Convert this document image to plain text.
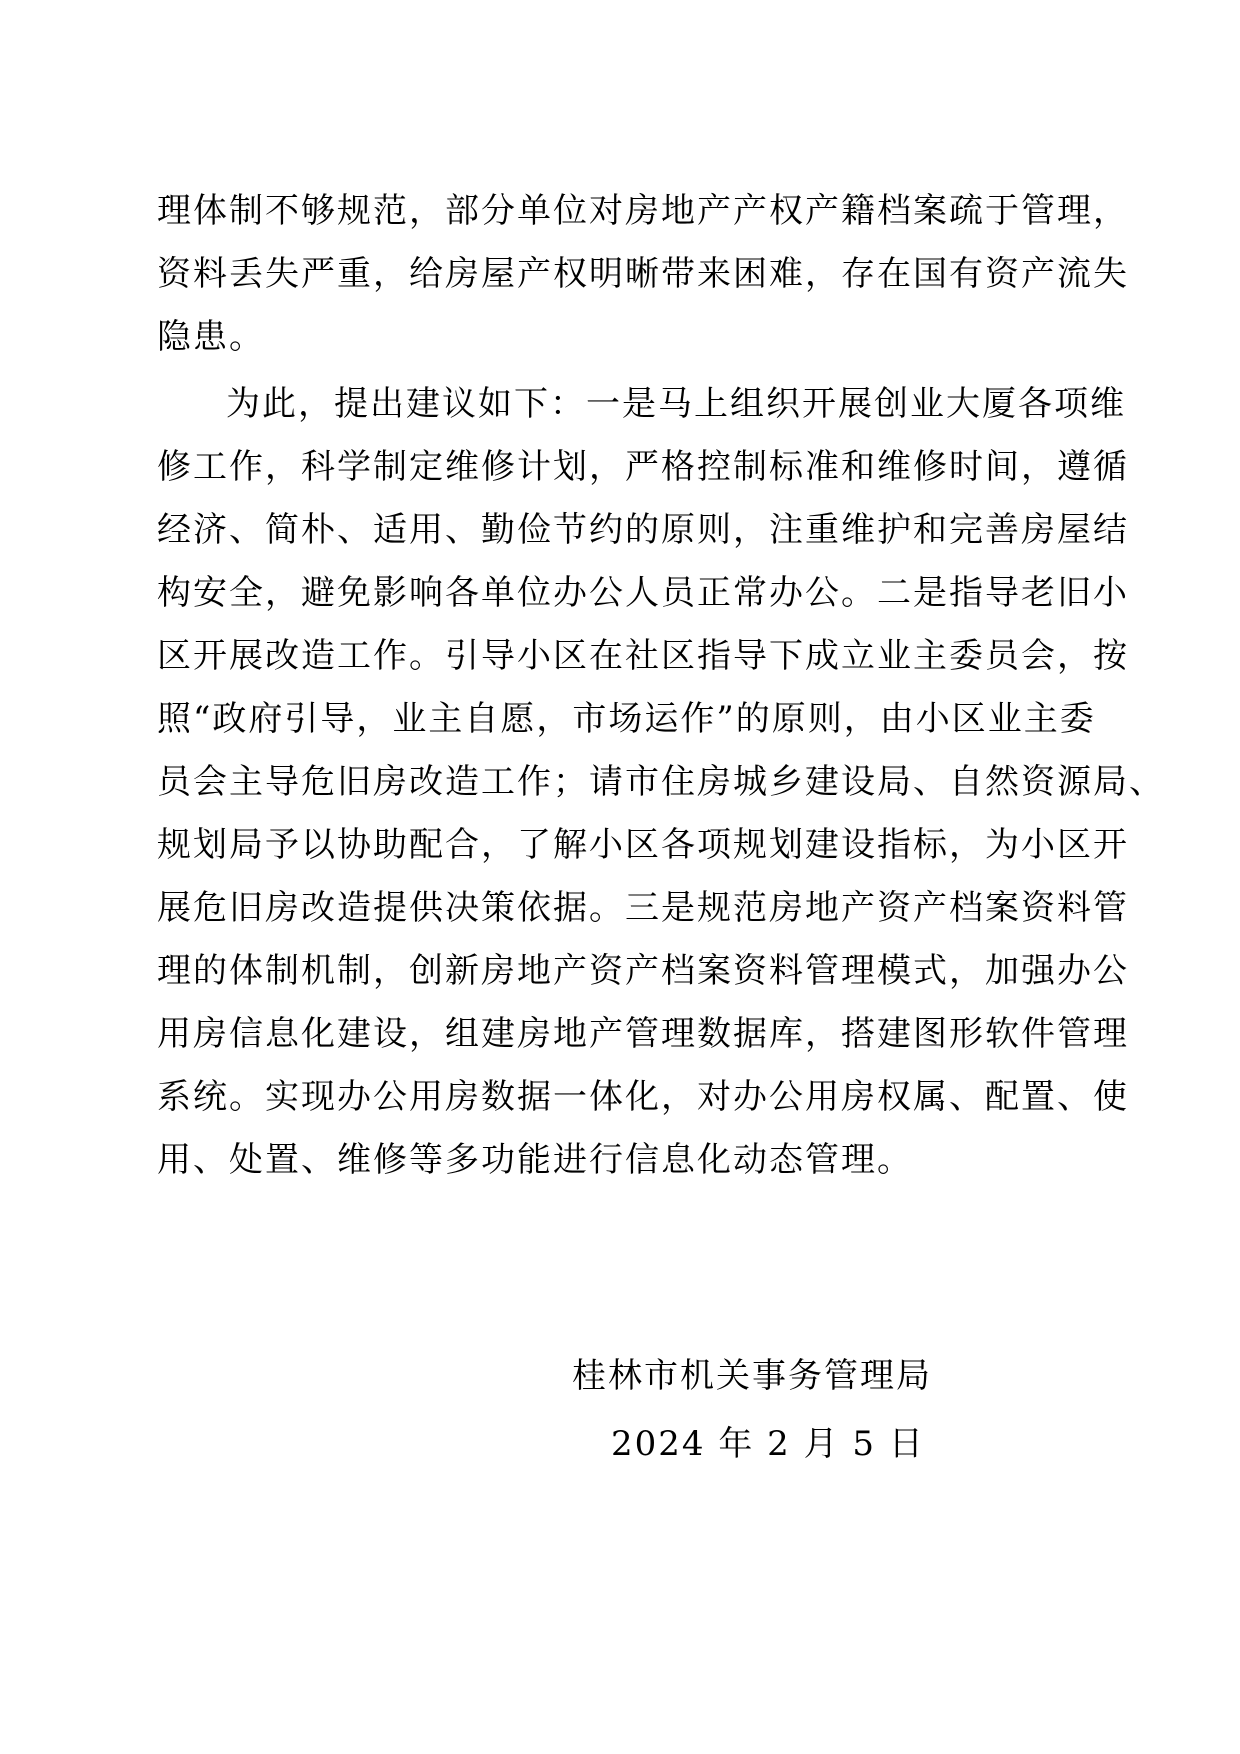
理体制不够规范，部分单位对房地产产权产籍档案疏于管理，
资料丢失严重，给房屋产权明晰带来困难，存在国有资产流失
隐患。
为此，提出建议如下：一是马上组织开展创业大厦各项维
修工作，科学制定维修计划，严格控制标准和维修时间，遵循
经济、简朴、适用、勤俭节约的原则，注重维护和完善房屋结
构安全，避免影响各单位办公人员正常办公。二是指导老旧小
区开展改造工作。引导小区在社区指导下成立业主委员会，按
照“政府引导，业主自愿，市场运作”的原则，由小区业主委
员会主导危旧房改造工作；请市住房城乡建设局、自然资源局、
规划局予以协助配合，了解小区各项规划建设指标，为小区开
展危旧房改造提供决策依据。三是规范房地产资产档案资料管
理的体制机制，创新房地产资产档案资料管理模式，加强办公
用房信息化建设，组建房地产管理数据库，搭建图形软件管理
系统。实现办公用房数据一体化，对办公用房权属、配置、使
用、处置、维修等多功能进行信息化动态管理。
桂林市机关事务管理局
2024 年 2 月 5 日
